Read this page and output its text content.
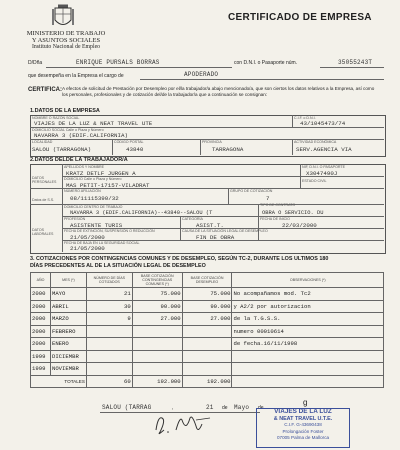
MINISTERIO DE TRABAJO
Y ASUNTOS SOCIALES
Instituto Nacional de Empleo
CERTIFICADO DE EMPRESA
D/Dña	ENRIQUE PURSALS BORRAS	con D.N.I. o Pasaporte núm.	35055243T
que desempeña en la Empresa el cargo de	APODERADO
CERTIFICA: A efectos de solicitud de Prestación por Desempleo por el/la trabajador/a abajo mencionado/a, que son ciertos los datos relativos a la Empresa, así como los personales, profesionales y de cotización del/de la trabajador/a que a continuación se consignan:
1.DATOS DE LA EMPRESA
NOMBRE O RAZÓN SOCIAL
VIAJES DE LA LUZ & NEAT TRAVEL UTE
C.I.F. o D.N.I.
43/1045473/74
DOMICILIO SOCIAL Calle o Plaza y Número
NAVARRA 3 (EDIF.CALIFORNIA)
LOCALIDAD
SALOU (TARRAGONA)
CÓDIGO POSTAL
43840
PROVINCIA
TARRAGONA
ACTIVIDAD ECONÓMICA
SERV.AGENCIA VIA
2.DATOS DELDE LA TRABAJADOR/A
DATOS PERSONALES
Datos de S.S.
DATOS LABORALES
APELLIDOS Y NOMBRE
KRATZ DETLF JURGEN A
NIF, D.N.I. O PASAPORTE
X3047490J
DOMICILIO Calle o Plaza y Número
MAS PETIT-17157-VILADRAT
ESTADO CIVIL
NÚMERO AFILIACIÓN
08/11115390/32
GRUPO DE COTIZACIÓN
7
DOMICILIO CENTRO DE TRABAJO
NAVARRA 3 (EDIF.CALIFORNIA)--43840--SALOU (T
TIPO DE CONTRATO
OBRA O SERVICIO. DU
PROFESIÓN
ASISTENTE TURIS
CATEGORÍA
ASIST.T.
FECHA DE INICIO
22/03/2000
FECHA DE EXTINCIÓN, SUSPENSIÓN O REDUCCIÓN
21/05/2000
CAUSA DE LA SITUACIÓN LEGAL DE DESEMPLEO
FIN DE OBRA
FECHA DE BAJA EN LA SEGURIDAD SOCIAL
21/05/2000
3. COTIZACIONES POR CONTINGENCIAS COMUNES Y DE DESEMPLEO, SEGÚN TC-2, DURANTE LOS ULTIMOS 180
DÍAS PRECEDENTES AL DE LA SITUACIÓN LEGAL DE DESEMPLEO
AÑO	MES (*)	NÚMERO DE DÍAS COTIZADOS	BASE COTIZACIÓN CONTINGENCIAS COMUNES (*)	BASE COTIZACIÓN DESEMPLEO	OBSERVACIONES (*)
2000	MAYO	21	75.000	75.000	No acompañamos mod. Tc2
2000	ABRIL	30	90.000	90.000	y A2/2 por autorizacion
2000	MARZO	9	27.000	27.000	de la T.G.S.S.
2000	FEBRERO				numero 00010614
2000	ENERO				de fecha.16/11/1998
1999	DICIEMBR				
1999	NOVIEMBR				
TOTALES		60	192.000	192.000	
SALOU (TARRAG	,	21 de Mayo de
g
VIAJES DE LA LUZ
& NEAT TRAVEL U.T.E.
C.I.F. G-43690438
Prolongación Foster
07005 Palma de Mallorca
